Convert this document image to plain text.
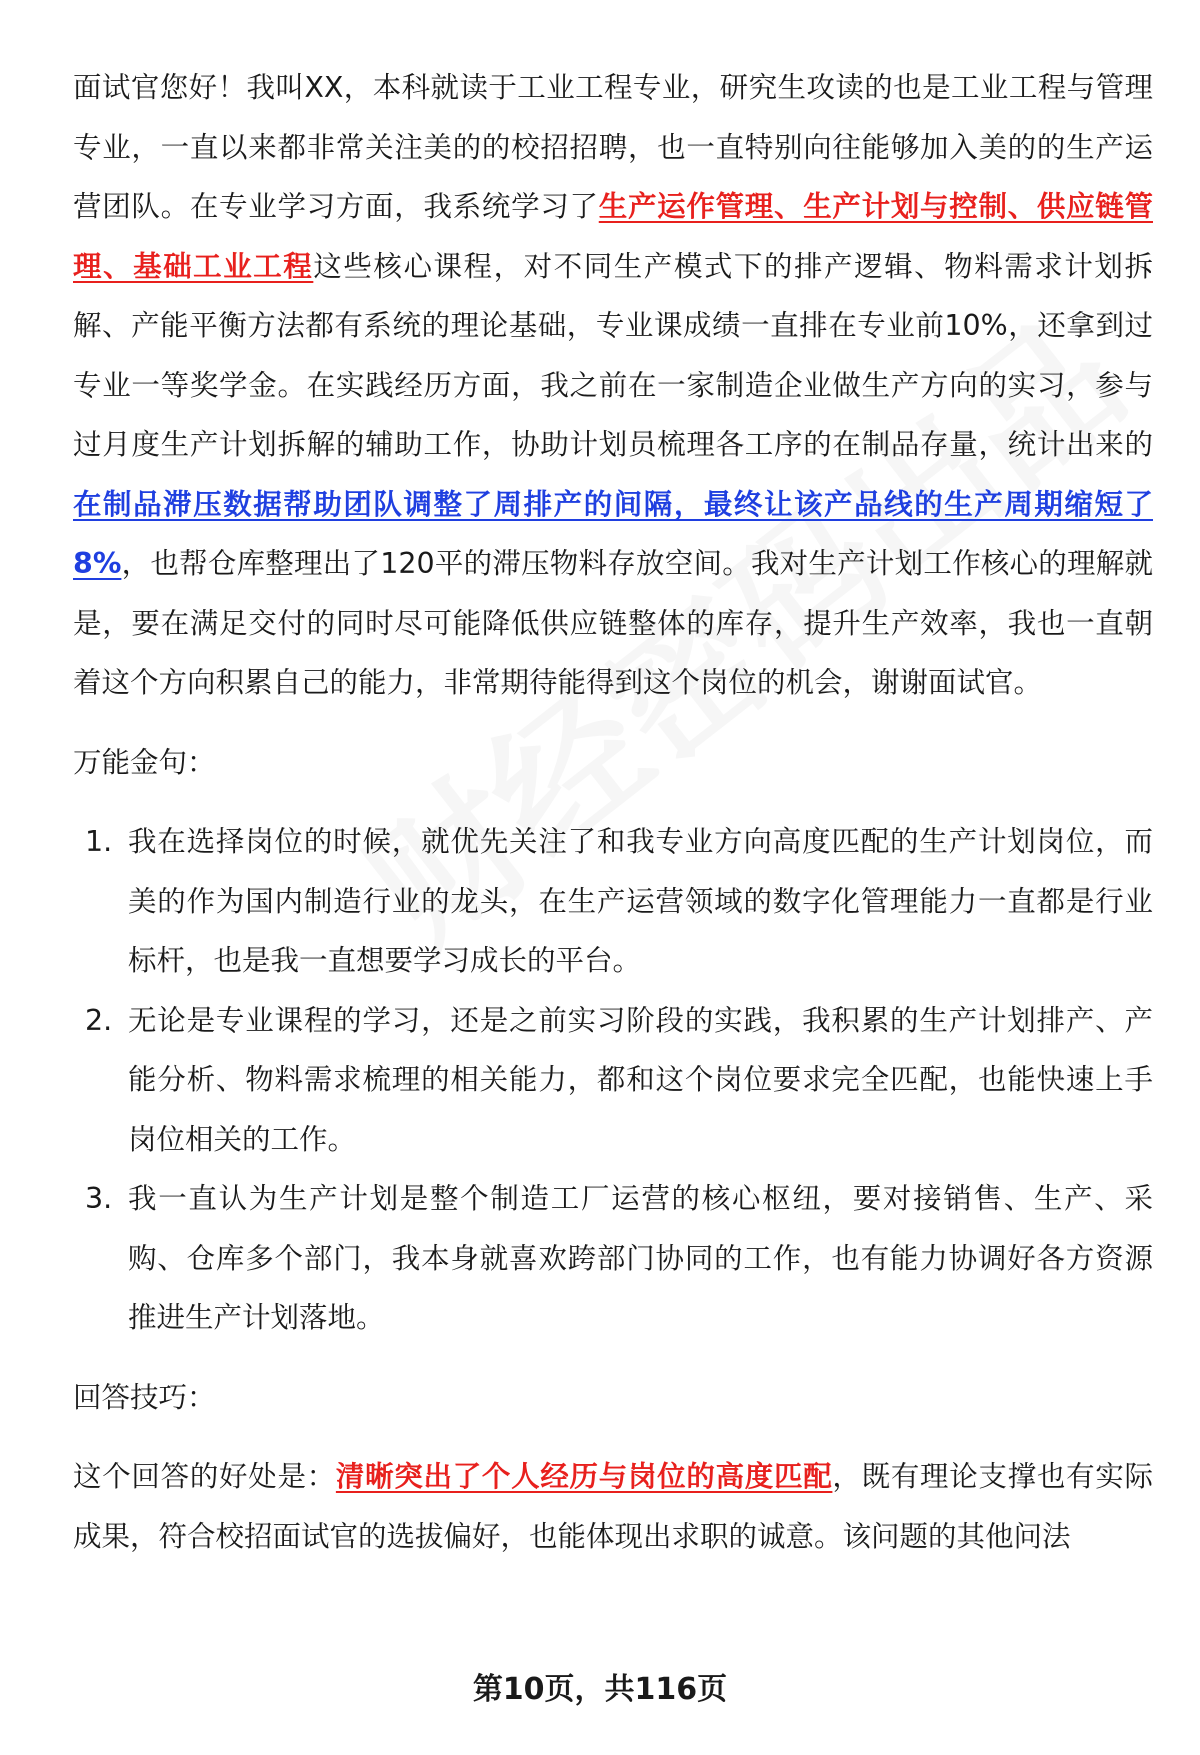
面试官您好！我叫XX，本科就读于工业工程专业，研究生攻读的也是工业工程与管理专业，一直以来都非常关注美的的校招招聘，也一直特别向往能够加入美的的生产运营团队。在专业学习方面，我系统学习了生产运作管理、生产计划与控制、供应链管理、基础工业工程这些核心课程，对不同生产模式下的排产逻辑、物料需求计划拆解、产能平衡方法都有系统的理论基础，专业课成绩一直排在专业前10%，还拿到过专业一等奖学金。在实践经历方面，我之前在一家制造企业做生产方向的实习，参与过月度生产计划拆解的辅助工作，协助计划员梳理各工序的在制品存量，统计出来的在制品滞压数据帮助团队调整了周排产的间隔，最终让该产品线的生产周期缩短了8%，也帮仓库整理出了120平的滞压物料存放空间。我对生产计划工作核心的理解就是，要在满足交付的同时尽可能降低供应链整体的库存，提升生产效率，我也一直朝着这个方向积累自己的能力，非常期待能得到这个岗位的机会，谢谢面试官。

万能金句：

1. 我在选择岗位的时候，就优先关注了和我专业方向高度匹配的生产计划岗位，而美的作为国内制造行业的龙头，在生产运营领域的数字化管理能力一直都是行业标杆，也是我一直想要学习成长的平台。
2. 无论是专业课程的学习，还是之前实习阶段的实践，我积累的生产计划排产、产能分析、物料需求梳理的相关能力，都和这个岗位要求完全匹配，也能快速上手岗位相关的工作。
3. 我一直认为生产计划是整个制造工厂运营的核心枢纽，要对接销售、生产、采购、仓库多个部门，我本身就喜欢跨部门协同的工作，也有能力协调好各方资源推进生产计划落地。

回答技巧：

这个回答的好处是：清晰突出了个人经历与岗位的高度匹配，既有理论支撑也有实际成果，符合校招面试官的选拔偏好，也能体现出求职的诚意。该问题的其他问法

第10页，共116页
